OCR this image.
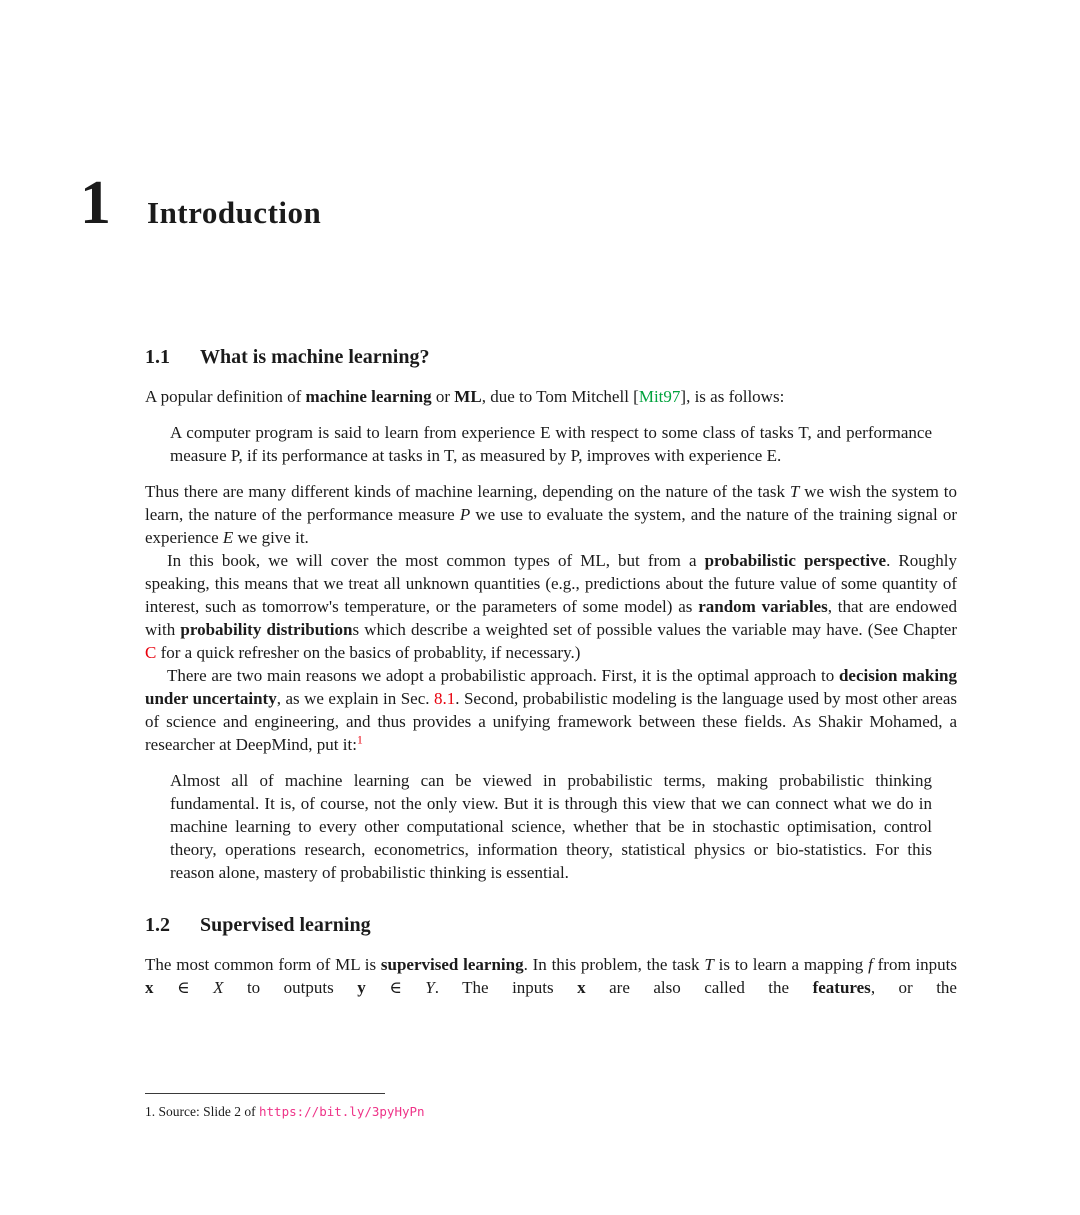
1 Introduction
1.1 What is machine learning?

A popular definition of machine learning or ML, due to Tom Mitchell [Mit97], is as follows:

A computer program is said to learn from experience E with respect to some class of tasks T, and performance measure P, if its performance at tasks in T, as measured by P, improves with experience E.

Thus there are many different kinds of machine learning, depending on the nature of the task T we wish the system to learn, the nature of the performance measure P we use to evaluate the system, and the nature of the training signal or experience E we give it.

In this book, we will cover the most common types of ML, but from a probabilistic perspective. Roughly speaking, this means that we treat all unknown quantities (e.g., predictions about the future value of some quantity of interest, such as tomorrow's temperature, or the parameters of some model) as random variables, that are endowed with probability distributions which describe a weighted set of possible values the variable may have. (See Chapter C for a quick refresher on the basics of probablity, if necessary.)

There are two main reasons we adopt a probabilistic approach. First, it is the optimal approach to decision making under uncertainty, as we explain in Sec. 8.1. Second, probabilistic modeling is the language used by most other areas of science and engineering, and thus provides a unifying framework between these fields. As Shakir Mohamed, a researcher at DeepMind, put it:$^1$

Almost all of machine learning can be viewed in probabilistic terms, making probabilistic thinking fundamental. It is, of course, not the only view. But it is through this view that we can connect what we do in machine learning to every other computational science, whether that be in stochastic optimisation, control theory, operations research, econometrics, information theory, statistical physics or bio-statistics. For this reason alone, mastery of probabilistic thinking is essential.
1.2 Supervised learning

The most common form of ML is supervised learning. In this problem, the task T is to learn a mapping f from inputs x ∈ X to outputs y ∈ Y. The inputs x are also called the features, or the

1. Source: Slide 2 of https://bit.ly/3pyHyPn
